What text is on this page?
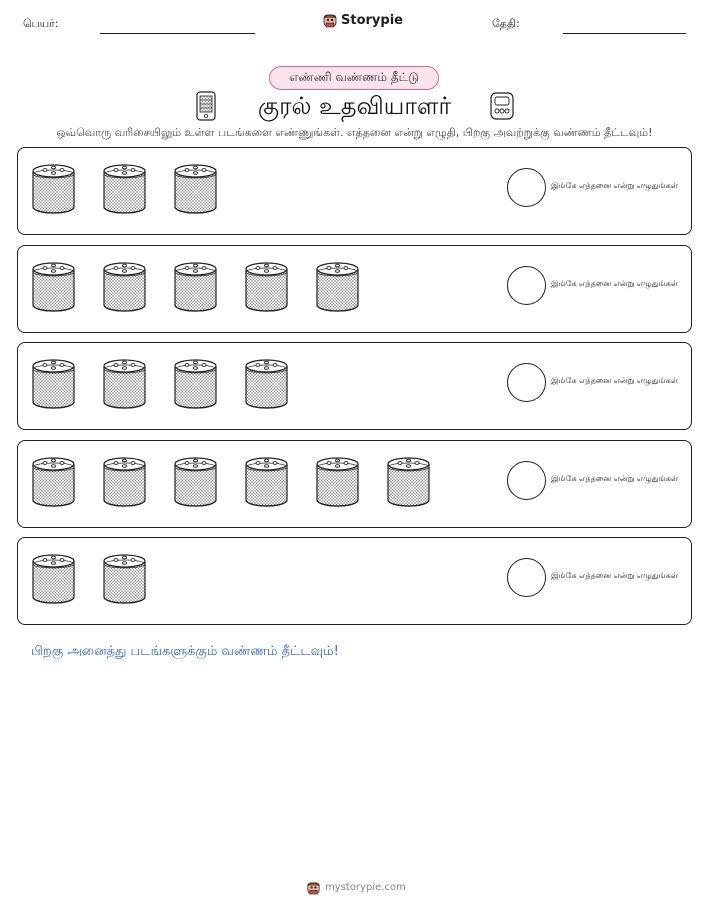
பெயர்:	Storypie	தேதி:
எண்ணி வண்ணம் தீட்டு
குரல் உதவியாளர்
ஒவ்வொரு வரிசையிலும் உள்ள படங்களை எண்ணுங்கள். எத்தனை என்று எழுதி, பிறகு அவற்றுக்கு வண்ணம் தீட்டவும்!
இங்கே எத்தனை என்று எழுதுங்கள்
இங்கே எத்தனை என்று எழுதுங்கள்
இங்கே எத்தனை என்று எழுதுங்கள்
இங்கே எத்தனை என்று எழுதுங்கள்
இங்கே எத்தனை என்று எழுதுங்கள்
பிறகு அனைத்து படங்களுக்கும் வண்ணம் தீட்டவும்!
mystorypie.com
